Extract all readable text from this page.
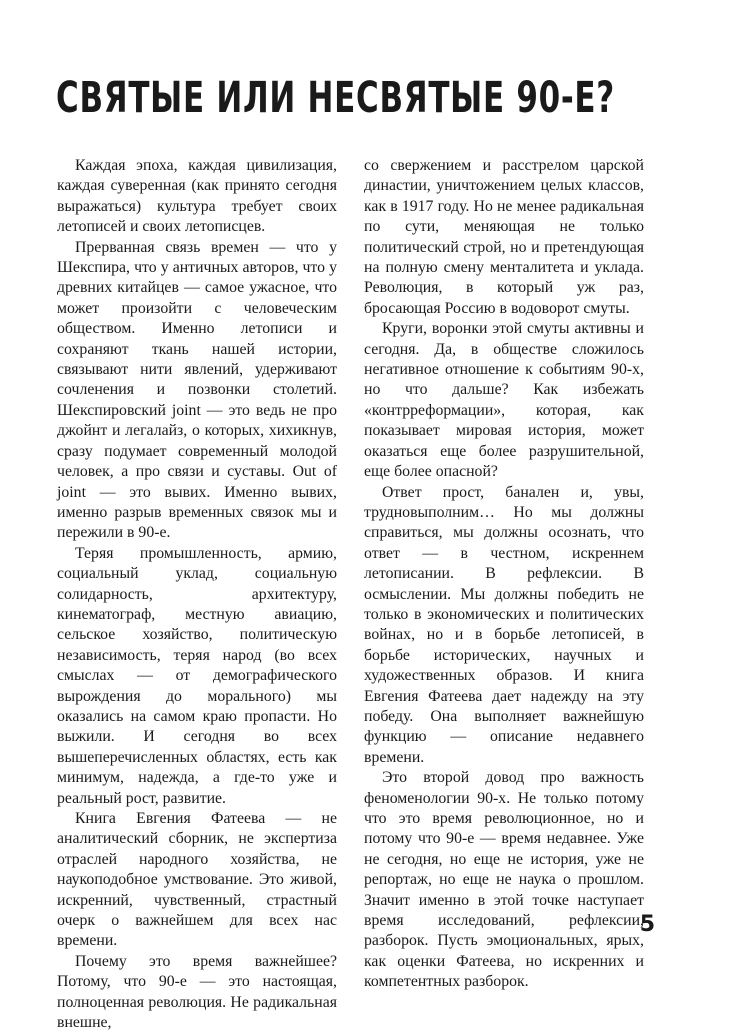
СВЯТЫЕ ИЛИ НЕСВЯТЫЕ 90-Е?

Каждая эпоха, каждая цивилизация, каждая суверенная (как принято сегодня выражаться) культура требует своих летописей и своих летописцев.

Прерванная связь времен — что у Шекспира, что у античных авторов, что у древних китайцев — самое ужасное, что может произойти с человеческим обществом. Именно летописи и сохраняют ткань нашей истории, связывают нити явлений, удерживают сочленения и позвонки столетий. Шекспировский joint — это ведь не про джойнт и легалайз, о которых, хихикнув, сразу подумает современный молодой человек, а про связи и суставы. Out of joint — это вывих. Именно вывих, именно разрыв временных связок мы и пережили в 90-е.

Теряя промышленность, армию, социальный уклад, социальную солидарность, архитектуру, кинематограф, местную авиацию, сельское хозяйство, политическую независимость, теряя народ (во всех смыслах — от демографического вырождения до морального) мы оказались на самом краю пропасти. Но выжили. И сегодня во всех вышеперечисленных областях, есть как минимум, надежда, а где-то уже и реальный рост, развитие.

Книга Евгения Фатеева — не аналитический сборник, не экспертиза отраслей народного хозяйства, не наукоподобное умствование. Это живой, искренний, чувственный, страстный очерк о важнейшем для всех нас времени.

Почему это время важнейшее? Потому, что 90-е — это настоящая, полноценная революция. Не радикальная внешне,

со свержением и расстрелом царской династии, уничтожением целых классов, как в 1917 году. Но не менее радикальная по сути, меняющая не только политический строй, но и претендующая на полную смену менталитета и уклада. Революция, в который уж раз, бросающая Россию в водоворот смуты.

Круги, воронки этой смуты активны и сегодня. Да, в обществе сложилось негативное отношение к событиям 90-х, но что дальше? Как избежать «контрреформации», которая, как показывает мировая история, может оказаться еще более разрушительной, еще более опасной?

Ответ прост, банален и, увы, трудновыполним… Но мы должны справиться, мы должны осознать, что ответ — в честном, искреннем летописании. В рефлексии. В осмыслении. Мы должны победить не только в экономических и политических войнах, но и в борьбе летописей, в борьбе исторических, научных и художественных образов. И книга Евгения Фатеева дает надежду на эту победу. Она выполняет важнейшую функцию — описание недавнего времени.

Это второй довод про важность феноменологии 90-х. Не только потому что это время революционное, но и потому что 90-е — время недавнее. Уже не сегодня, но еще не история, уже не репортаж, но еще не наука о прошлом. Значит именно в этой точке наступает время исследований, рефлексии, разборок. Пусть эмоциональных, ярых, как оценки Фатеева, но искренних и компетентных разборок.

5
